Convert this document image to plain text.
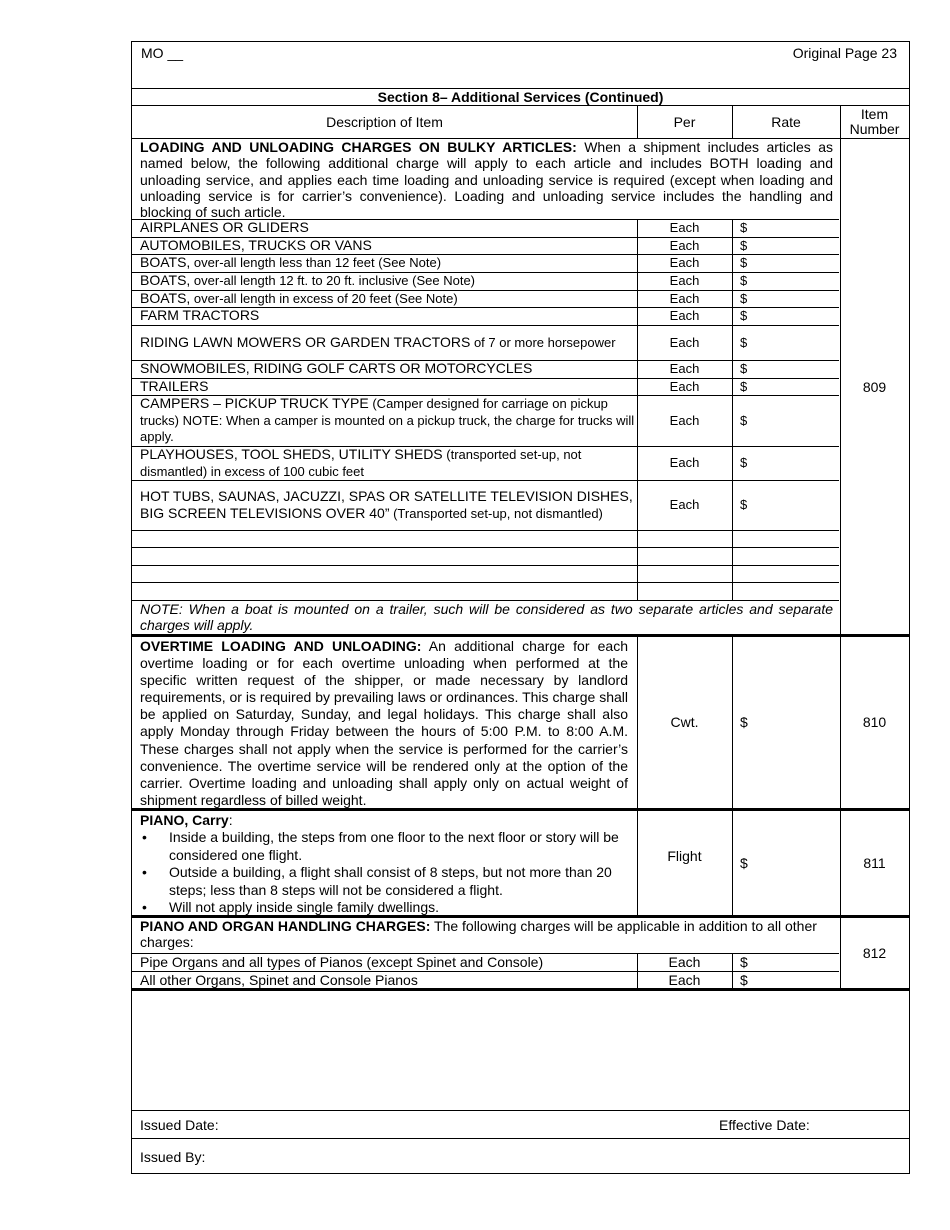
MO __	Original Page 23
Section 8– Additional Services (Continued)
Description of Item	Per	Rate	Item Number
LOADING AND UNLOADING CHARGES ON BULKY ARTICLES: When a shipment includes articles as named below, the following additional charge will apply to each article and includes BOTH loading and unloading service, and applies each time loading and unloading service is required (except when loading and unloading service is for carrier’s convenience). Loading and unloading service includes the handling and blocking of such article.
AIRPLANES OR GLIDERS	Each	$
AUTOMOBILES, TRUCKS OR VANS	Each	$
BOATS, over-all length less than 12 feet (See Note)	Each	$
BOATS, over-all length 12 ft. to 20 ft. inclusive (See Note)	Each	$
BOATS, over-all length in excess of 20 feet (See Note)	Each	$
FARM TRACTORS	Each	$
RIDING LAWN MOWERS OR GARDEN TRACTORS of 7 or more horsepower	Each	$
SNOWMOBILES, RIDING GOLF CARTS OR MOTORCYCLES	Each	$
TRAILERS	Each	$
CAMPERS – PICKUP TRUCK TYPE (Camper designed for carriage on pickup trucks) NOTE: When a camper is mounted on a pickup truck, the charge for trucks will apply.
Each	$
PLAYHOUSES, TOOL SHEDS, UTILITY SHEDS (transported set-up, not dismantled) in excess of 100 cubic feet
Each	$
HOT TUBS, SAUNAS, JACUZZI, SPAS OR SATELLITE TELEVISION DISHES, BIG SCREEN TELEVISIONS OVER 40” (Transported set-up, not dismantled)
Each	$
NOTE: When a boat is mounted on a trailer, such will be considered as two separate articles and separate charges will apply.
809
OVERTIME LOADING AND UNLOADING: An additional charge for each overtime loading or for each overtime unloading when performed at the specific written request of the shipper, or made necessary by landlord requirements, or is required by prevailing laws or ordinances. This charge shall be applied on Saturday, Sunday, and legal holidays. This charge shall also apply Monday through Friday between the hours of 5:00 P.M. to 8:00 A.M. These charges shall not apply when the service is performed for the carrier’s convenience. The overtime service will be rendered only at the option of the carrier. Overtime loading and unloading shall apply only on actual weight of shipment regardless of billed weight.
Cwt.	$	810
PIANO, Carry:
• Inside a building, the steps from one floor to the next floor or story will be considered one flight.
• Outside a building, a flight shall consist of 8 steps, but not more than 20 steps; less than 8 steps will not be considered a flight.
• Will not apply inside single family dwellings.
Flight	$	811
PIANO AND ORGAN HANDLING CHARGES: The following charges will be applicable in addition to all other charges:
Pipe Organs and all types of Pianos (except Spinet and Console)	Each	$
All other Organs, Spinet and Console Pianos	Each	$
812
Issued Date:	Effective Date:
Issued By:
